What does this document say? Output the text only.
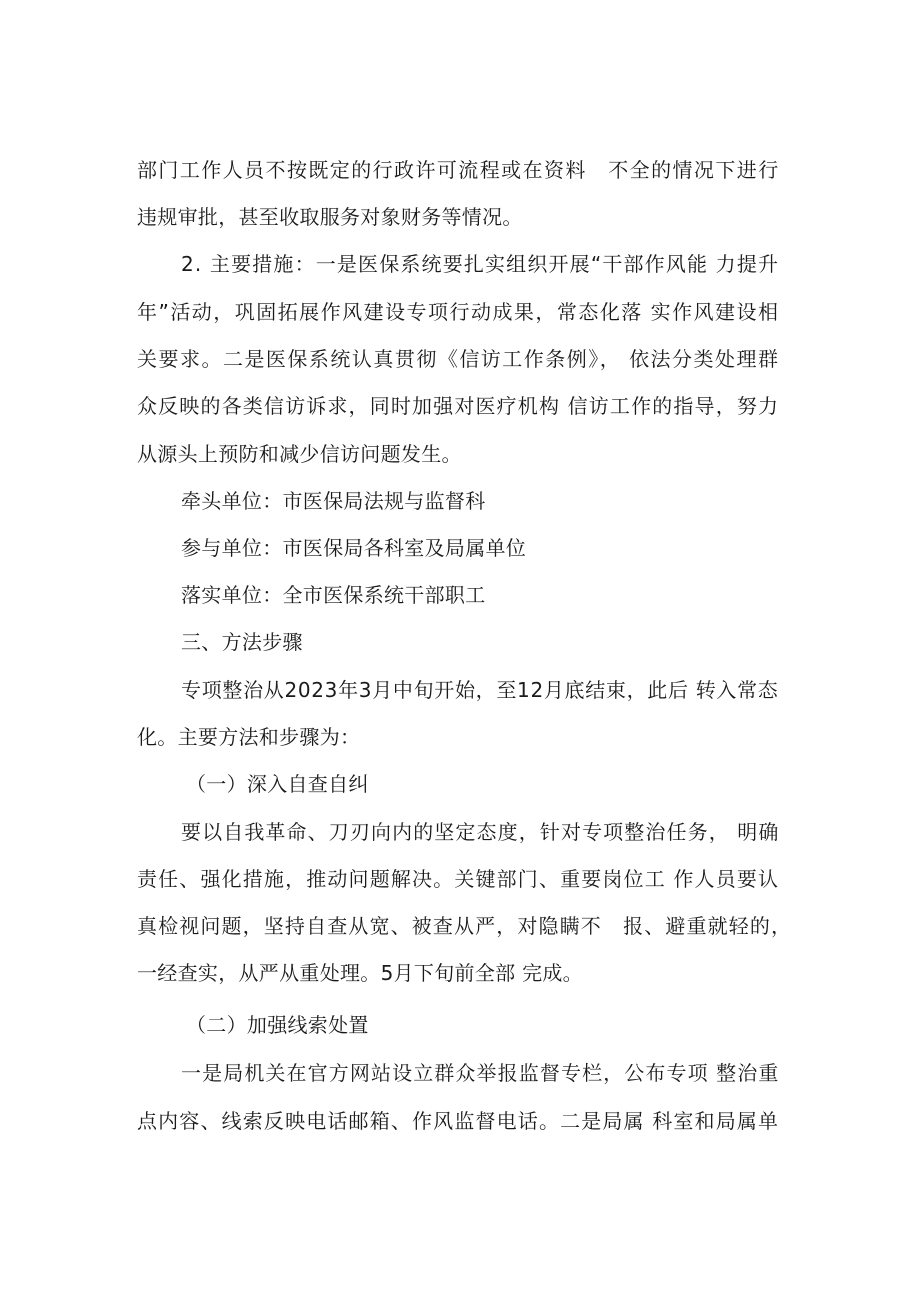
部门工作人员不按既定的行政许可流程或在资料　不全的情况下进行
违规审批，甚至收取服务对象财务等情况。
2. 主要措施：一是医保系统要扎实组织开展“干部作风能 力提升
年”活动，巩固拓展作风建设专项行动成果，常态化落 实作风建设相
关要求。二是医保系统认真贯彻《信访工作条例》， 依法分类处理群
众反映的各类信访诉求，同时加强对医疗机构 信访工作的指导，努力
从源头上预防和减少信访问题发生。
牵头单位：市医保局法规与监督科
参与单位：市医保局各科室及局属单位
落实单位：全市医保系统干部职工
三、方法步骤
专项整治从2023年3月中旬开始，至12月底结束，此后 转入常态
化。主要方法和步骤为：
（一）深入自查自纠
要以自我革命、刀刃向内的坚定态度，针对专项整治任务， 明确
责任、强化措施，推动问题解决。关键部门、重要岗位工 作人员要认
真检视问题，坚持自查从宽、被查从严，对隐瞒不　报、避重就轻的，
一经查实，从严从重处理。5月下旬前全部 完成。
（二）加强线索处置
一是局机关在官方网站设立群众举报监督专栏，公布专项 整治重
点内容、线索反映电话邮箱、作风监督电话。二是局属 科室和局属单
